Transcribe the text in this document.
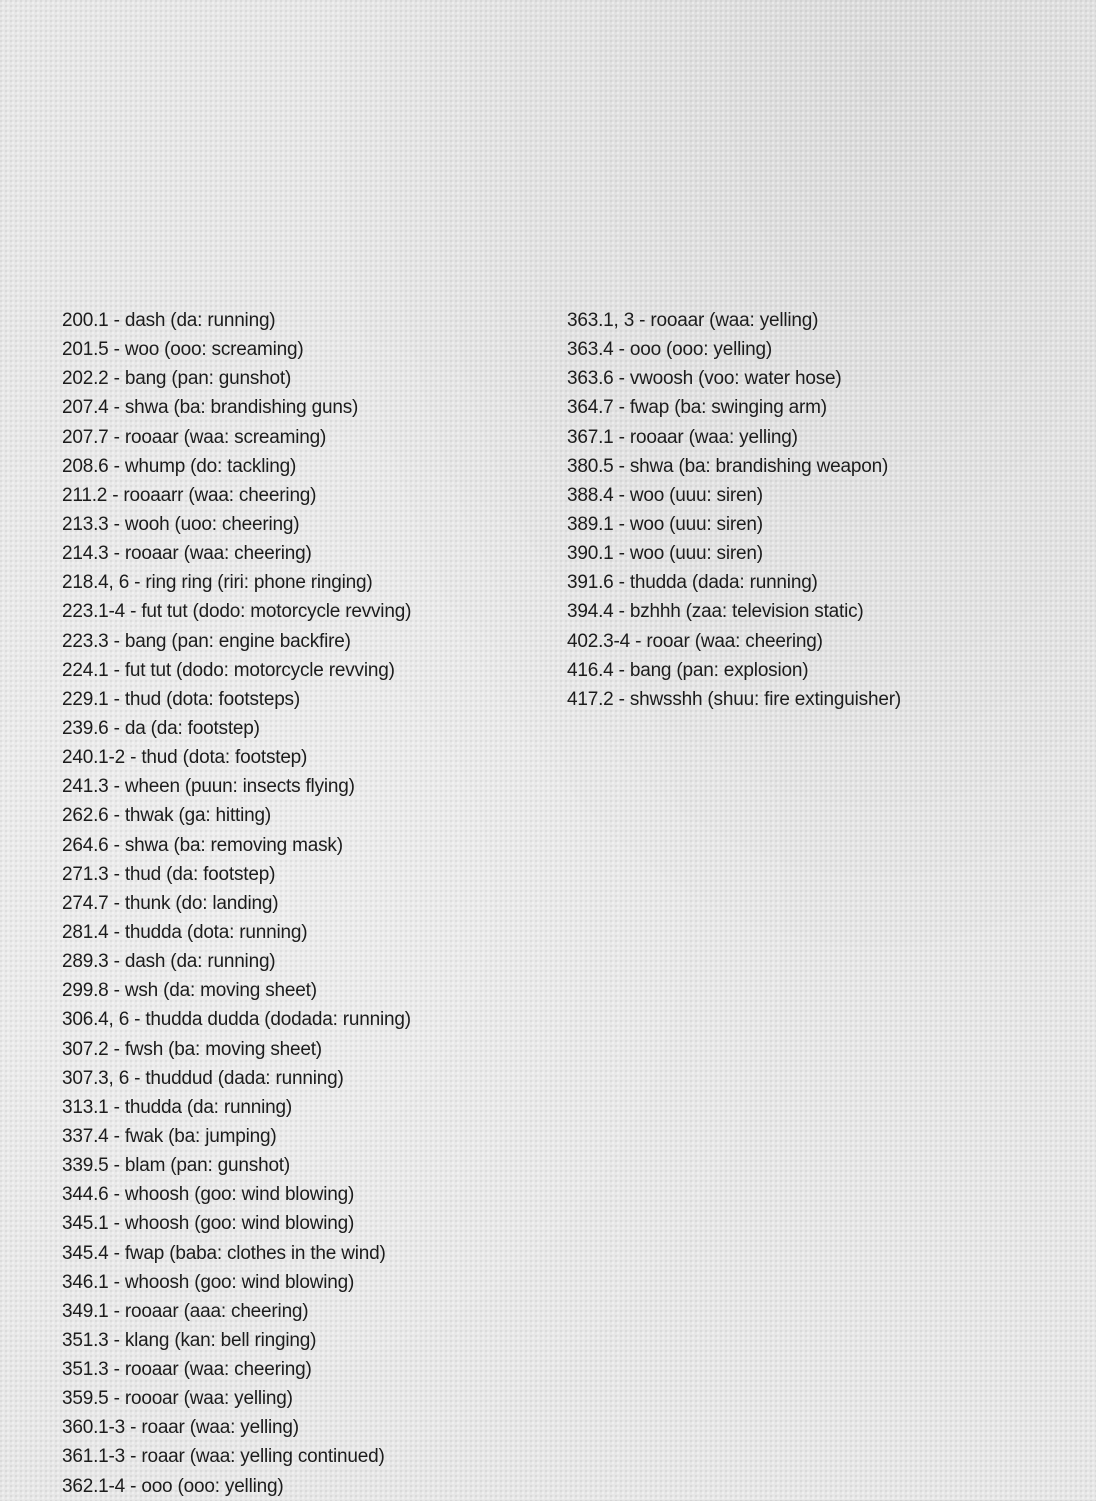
200.1 - dash (da: running)
201.5 - woo (ooo: screaming)
202.2 - bang (pan: gunshot)
207.4 - shwa (ba: brandishing guns)
207.7 - rooaar (waa: screaming)
208.6 - whump (do: tackling)
211.2 - rooaarr (waa: cheering)
213.3 - wooh (uoo: cheering)
214.3 - rooaar (waa: cheering)
218.4, 6 - ring ring (riri: phone ringing)
223.1-4 - fut tut (dodo: motorcycle revving)
223.3 - bang (pan: engine backfire)
224.1 - fut tut (dodo: motorcycle revving)
229.1 - thud (dota: footsteps)
239.6 - da (da: footstep)
240.1-2 - thud (dota: footstep)
241.3 - wheen (puun: insects flying)
262.6 - thwak (ga: hitting)
264.6 - shwa (ba: removing mask)
271.3 - thud (da: footstep)
274.7 - thunk (do: landing)
281.4 - thudda (dota: running)
289.3 - dash (da: running)
299.8 - wsh (da: moving sheet)
306.4, 6 - thudda dudda (dodada: running)
307.2 - fwsh (ba: moving sheet)
307.3, 6 - thuddud (dada: running)
313.1 - thudda (da: running)
337.4 - fwak (ba: jumping)
339.5 - blam (pan: gunshot)
344.6 - whoosh (goo: wind blowing)
345.1 - whoosh (goo: wind blowing)
345.4 - fwap (baba: clothes in the wind)
346.1 - whoosh (goo: wind blowing)
349.1 - rooaar (aaa: cheering)
351.3 - klang (kan: bell ringing)
351.3 - rooaar (waa: cheering)
359.5 - roooar (waa: yelling)
360.1-3 - roaar (waa: yelling)
361.1-3 - roaar (waa: yelling continued)
362.1-4 - ooo (ooo: yelling)
363.1, 3 - rooaar (waa: yelling)
363.4 - ooo (ooo: yelling)
363.6 - vwoosh (voo: water hose)
364.7 - fwap (ba: swinging arm)
367.1 - rooaar (waa: yelling)
380.5 - shwa (ba: brandishing weapon)
388.4 - woo (uuu: siren)
389.1 - woo (uuu: siren)
390.1 - woo (uuu: siren)
391.6 - thudda (dada: running)
394.4 - bzhhh (zaa: television static)
402.3-4 - rooar (waa: cheering)
416.4 - bang (pan: explosion)
417.2 - shwsshh (shuu: fire extinguisher)
